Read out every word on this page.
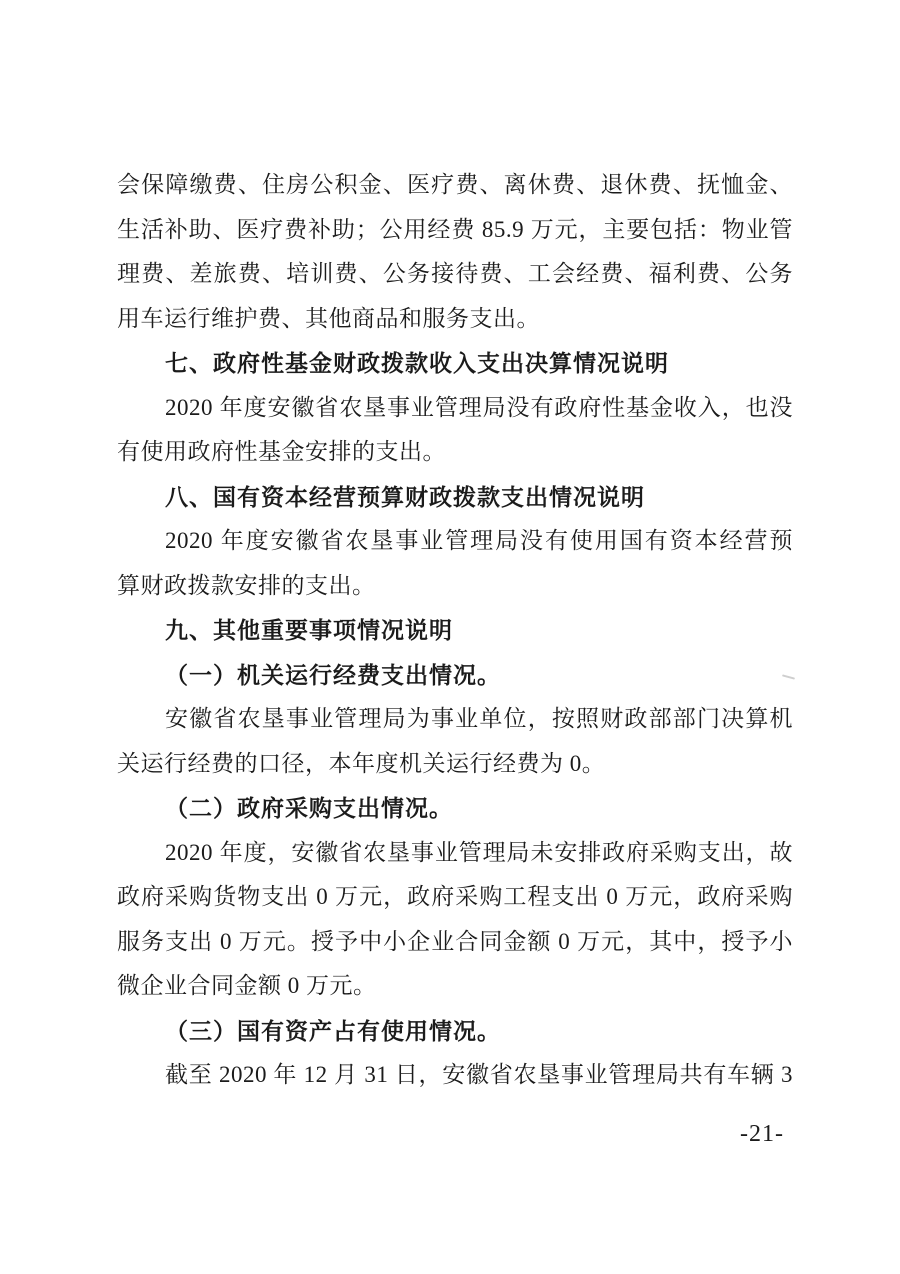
会保障缴费、住房公积金、医疗费、离休费、退休费、抚恤金、
生活补助、医疗费补助；公用经费 85.9 万元，主要包括：物业管
理费、差旅费、培训费、公务接待费、工会经费、福利费、公务
用车运行维护费、其他商品和服务支出。
七、政府性基金财政拨款收入支出决算情况说明
2020 年度安徽省农垦事业管理局没有政府性基金收入，也没
有使用政府性基金安排的支出。
八、国有资本经营预算财政拨款支出情况说明
2020 年度安徽省农垦事业管理局没有使用国有资本经营预
算财政拨款安排的支出。
九、其他重要事项情况说明
（一）机关运行经费支出情况。
安徽省农垦事业管理局为事业单位，按照财政部部门决算机
关运行经费的口径，本年度机关运行经费为 0。
（二）政府采购支出情况。
2020 年度，安徽省农垦事业管理局未安排政府采购支出，故
政府采购货物支出 0 万元，政府采购工程支出 0 万元，政府采购
服务支出 0 万元。授予中小企业合同金额 0 万元，其中，授予小
微企业合同金额 0 万元。
（三）国有资产占有使用情况。
截至 2020 年 12 月 31 日，安徽省农垦事业管理局共有车辆 3
-21-
